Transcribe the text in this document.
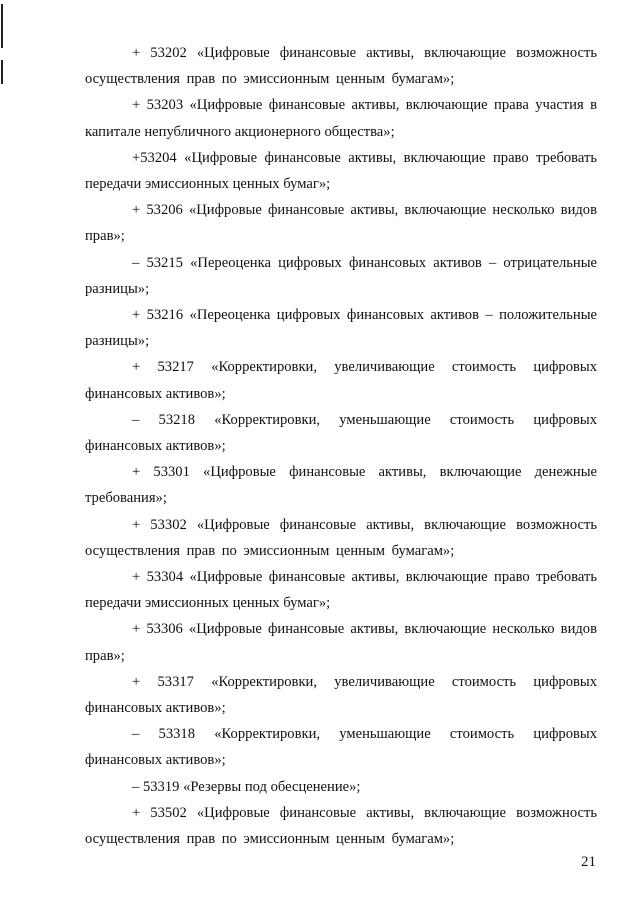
+ 53202 «Цифровые финансовые активы, включающие возможность осуществления прав по эмиссионным ценным бумагам»;

+ 53203 «Цифровые финансовые активы, включающие права участия в капитале непубличного акционерного общества»;

+53204 «Цифровые финансовые активы, включающие право требовать передачи эмиссионных ценных бумаг»;

+ 53206 «Цифровые финансовые активы, включающие несколько видов прав»;

– 53215 «Переоценка цифровых финансовых активов – отрицательные разницы»;

+ 53216 «Переоценка цифровых финансовых активов – положительные разницы»;

+ 53217 «Корректировки, увеличивающие стоимость цифровых финансовых активов»;

– 53218 «Корректировки, уменьшающие стоимость цифровых финансовых активов»;

+ 53301 «Цифровые финансовые активы, включающие денежные требования»;

+ 53302 «Цифровые финансовые активы, включающие возможность осуществления прав по эмиссионным ценным бумагам»;

+ 53304 «Цифровые финансовые активы, включающие право требовать передачи эмиссионных ценных бумаг»;

+ 53306 «Цифровые финансовые активы, включающие несколько видов прав»;

+ 53317 «Корректировки, увеличивающие стоимость цифровых финансовых активов»;

– 53318 «Корректировки, уменьшающие стоимость цифровых финансовых активов»;

– 53319 «Резервы под обесценение»;

+ 53502 «Цифровые финансовые активы, включающие возможность осуществления прав по эмиссионным ценным бумагам»;

21
